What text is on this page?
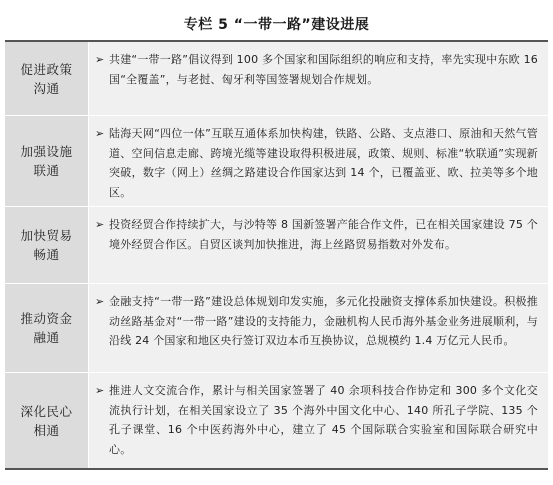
专栏 5 “一带一路”建设进展
促进政策沟通
➢ 共建“一带一路”倡议得到 100 多个国家和国际组织的响应和支持，率先实现中东欧 16 国“全覆盖”，与老挝、匈牙利等国签署规划合作规划。
加强设施联通
➢ 陆海天网“四位一体”互联互通体系加快构建，铁路、公路、支点港口、原油和天然气管道、空间信息走廊、跨境光缆等建设取得积极进展，政策、规则、标准“软联通”实现新突破，数字（网上）丝绸之路建设合作国家达到 14 个，已覆盖亚、欧、拉美等多个地区。
加快贸易畅通
➢ 投资经贸合作持续扩大，与沙特等 8 国新签署产能合作文件，已在相关国家建设 75 个境外经贸合作区。自贸区谈判加快推进，海上丝路贸易指数对外发布。
推动资金融通
➢ 金融支持“一带一路”建设总体规划印发实施，多元化投融资支撑体系加快建设。积极推动丝路基金对“一带一路”建设的支持能力，金融机构人民币海外基金业务进展顺利，与沿线 24 个国家和地区央行签订双边本币互换协议，总规模约 1.4 万亿元人民币。
深化民心相通
➢ 推进人文交流合作，累计与相关国家签署了 40 余项科技合作协定和 300 多个文化交流执行计划，在相关国家设立了 35 个海外中国文化中心、140 所孔子学院、135 个孔子课堂、16 个中医药海外中心，建立了 45 个国际联合实验室和国际联合研究中心。
